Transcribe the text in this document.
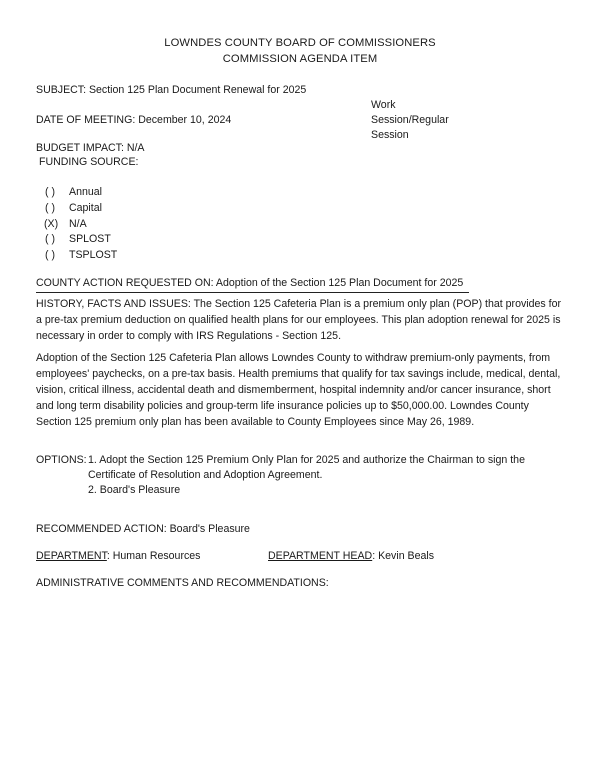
LOWNDES COUNTY BOARD OF COMMISSIONERS
COMMISSION AGENDA ITEM
SUBJECT: Section 125 Plan Document Renewal for 2025
Work
Session/Regular
Session
DATE OF MEETING: December 10, 2024
BUDGET IMPACT: N/A
FUNDING SOURCE:
( ) Annual
( ) Capital
(X) N/A
( ) SPLOST
( ) TSPLOST
COUNTY ACTION REQUESTED ON: Adoption of the Section 125 Plan Document for 2025
HISTORY, FACTS AND ISSUES: The Section 125 Cafeteria Plan is a premium only plan (POP) that provides for a pre-tax premium deduction on qualified health plans for our employees. This plan adoption renewal for 2025 is necessary in order to comply with IRS Regulations - Section 125.
Adoption of the Section 125 Cafeteria Plan allows Lowndes County to withdraw premium-only payments, from employees' paychecks, on a pre-tax basis. Health premiums that qualify for tax savings include, medical, dental, vision, critical illness, accidental death and dismemberment, hospital indemnity and/or cancer insurance, short and long term disability policies and group-term life insurance policies up to $50,000.00. Lowndes County Section 125 premium only plan has been available to County Employees since May 26, 1989.
OPTIONS: 1. Adopt the Section 125 Premium Only Plan for 2025 and authorize the Chairman to sign the
Certificate of Resolution and Adoption Agreement.
2. Board's Pleasure
RECOMMENDED ACTION: Board's Pleasure
DEPARTMENT: Human Resources	DEPARTMENT HEAD: Kevin Beals
ADMINISTRATIVE COMMENTS AND RECOMMENDATIONS:
